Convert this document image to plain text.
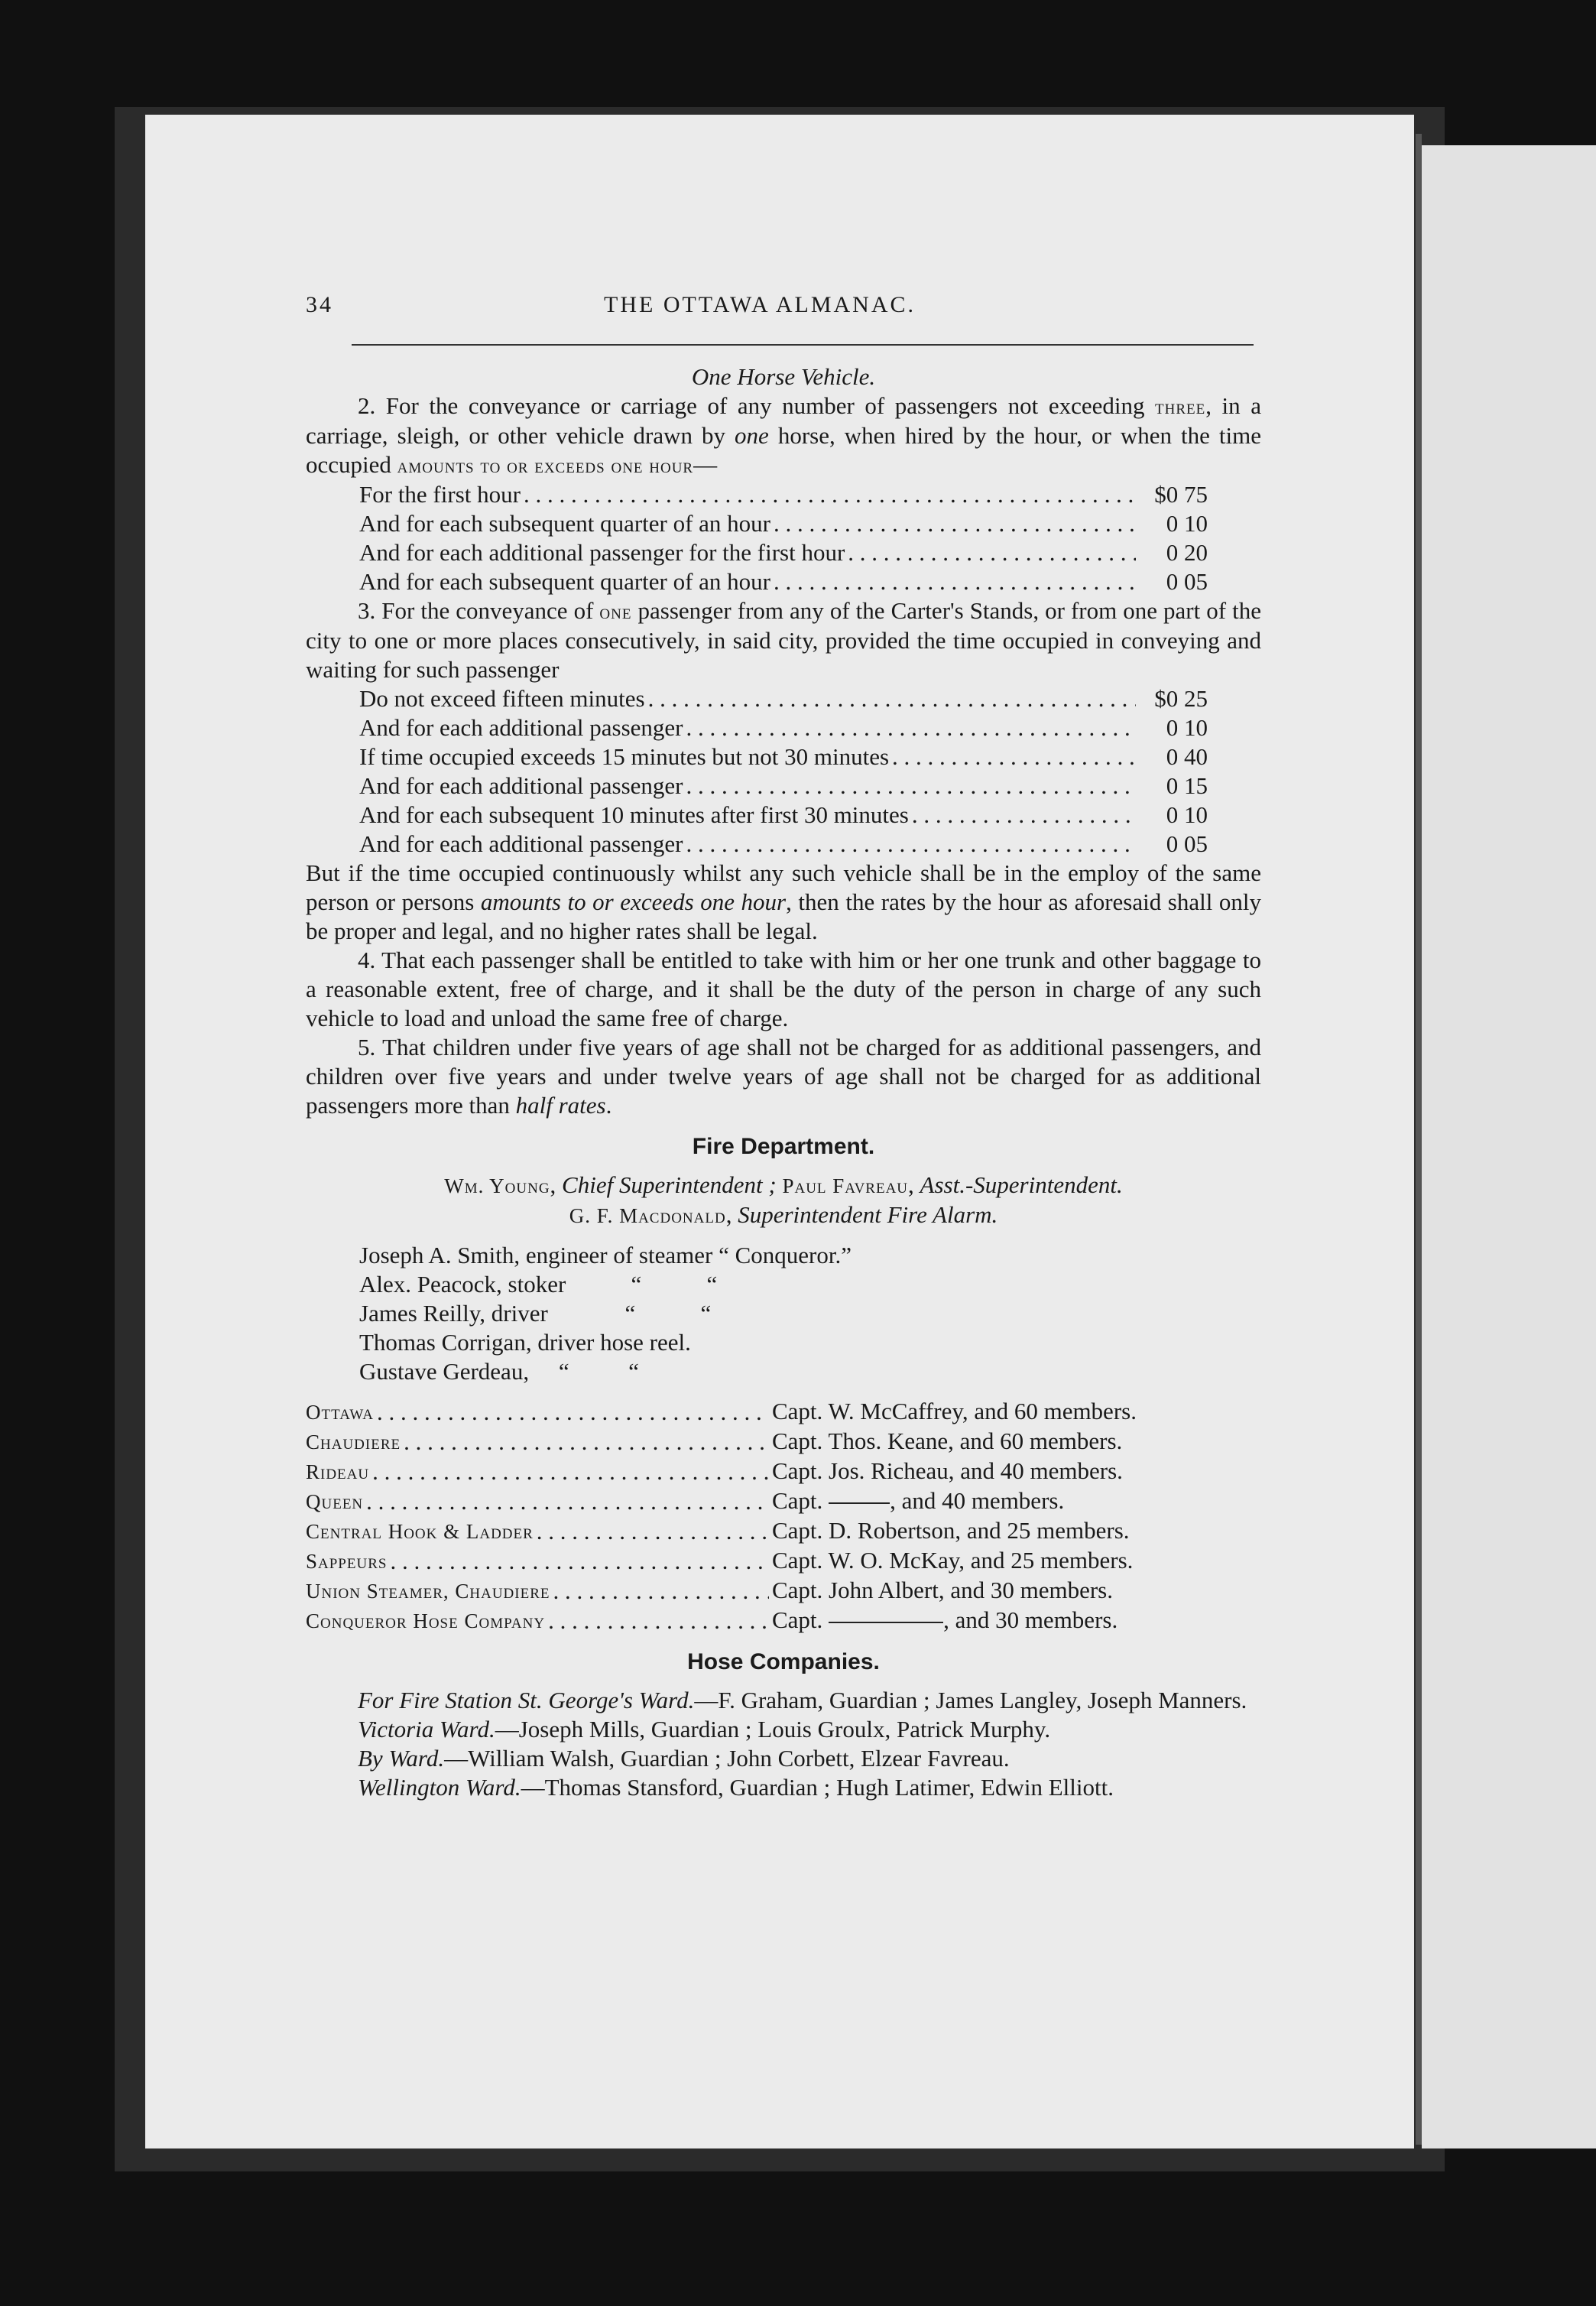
34	THE OTTAWA ALMANAC.
One Horse Vehicle.

2. For the conveyance or carriage of any number of passengers not exceeding three, in a carriage, sleigh, or other vehicle drawn by one horse, when hired by the hour, or when the time occupied amounts to or exceeds one hour—

For the first hour . . .	$0 75
And for each subsequent quarter of an hour . . .	0 10
And for each additional passenger for the first hour . . .	0 20
And for each subsequent quarter of an hour . . .	0 05

3. For the conveyance of one passenger from any of the Carter's Stands, or from one part of the city to one or more places consecutively, in said city, provided the time occupied in conveying and waiting for such passenger

Do not exceed fifteen minutes . . .	$0 25
And for each additional passenger . . .	0 10
If time occupied exceeds 15 minutes but not 30 minutes . . .	0 40
And for each additional passenger . . .	0 15
And for each subsequent 10 minutes after first 30 minutes . . .	0 10
And for each additional passenger . . .	0 05

But if the time occupied continuously whilst any such vehicle shall be in the employ of the same person or persons amounts to or exceeds one hour, then the rates by the hour as aforesaid shall only be proper and legal, and no higher rates shall be legal.

4. That each passenger shall be entitled to take with him or her one trunk and other baggage to a reasonable extent, free of charge, and it shall be the duty of the person in charge of any such vehicle to load and unload the same free of charge.

5. That children under five years of age shall not be charged for as additional passengers, and children over five years and under twelve years of age shall not be charged for as additional passengers more than half rates.

Fire Department.

Wm. Young, Chief Superintendent ; Paul Favreau, Asst.-Superintendent.

G. F. Macdonald, Superintendent Fire Alarm.

Joseph A. Smith, engineer of steamer “ Conqueror.”
Alex. Peacock, stoker           “           “
James Reilly, driver             “           “
Thomas Corrigan, driver hose reel.
Gustave Gerdeau,     “          “
Ottawa . . .	Capt. W. McCaffrey, and 60 members.
Chaudiere . . .	Capt. Thos. Keane, and 60 members.
Rideau . . .	Capt. Jos. Richeau, and 40 members.
Queen . . .	Capt.	, and 40 members.
Central Hook & Ladder . . .	Capt. D. Robertson, and 25 members.
Sappeurs . . .	Capt. W. O. McKay, and 25 members.
Union Steamer, Chaudiere . . .	Capt. John Albert, and 30 members.
Conqueror Hose Company . . .	Capt.	, and 30 members.
Hose Companies.

For Fire Station St. George's Ward.—F. Graham, Guardian ; James Langley, Joseph Manners.

Victoria Ward.—Joseph Mills, Guardian ; Louis Groulx, Patrick Murphy.

By Ward.—William Walsh, Guardian ; John Corbett, Elzear Favreau.

Wellington Ward.—Thomas Stansford, Guardian ; Hugh Latimer, Edwin Elliott.
